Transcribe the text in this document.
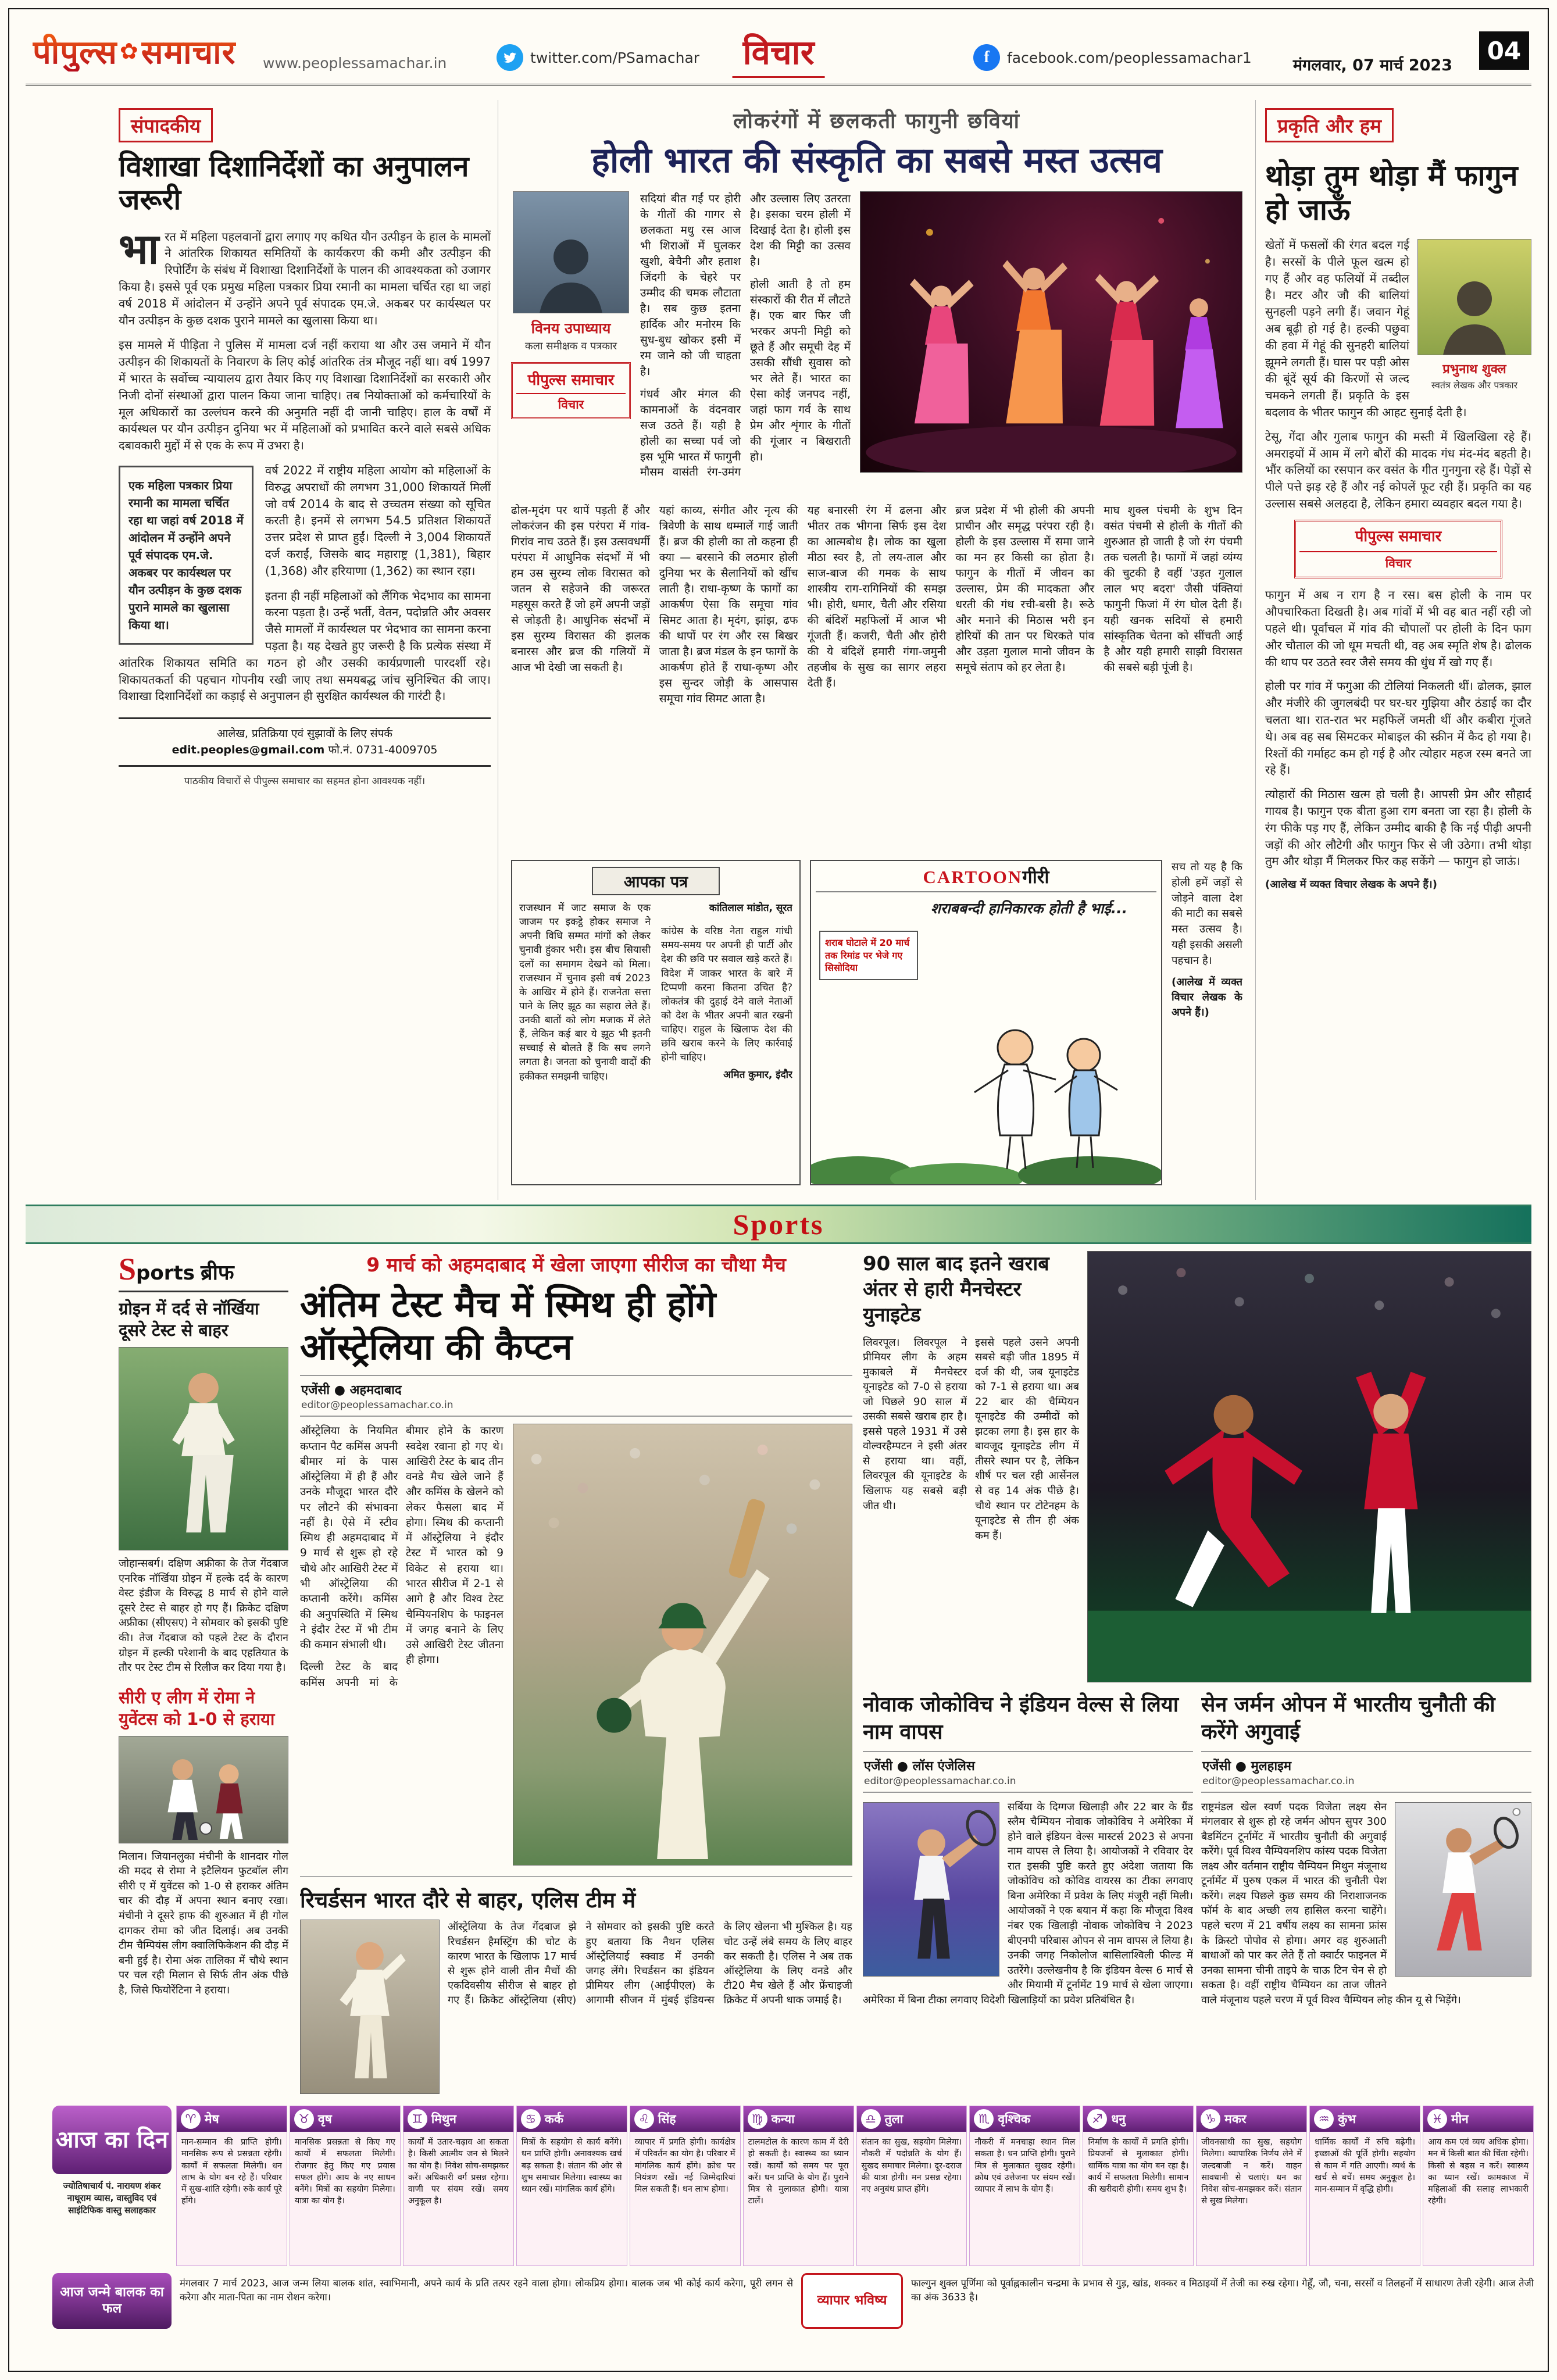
पीपुल्स ✿समाचार www.peoplessamachar.in	twitter.com/PSamachar	विचार	f	facebook.com/peoplessamachar1	मंगलवार, 07 मार्च 2023
04
संपादकीय
विशाखा दिशानिर्देशों का अनुपालन जरूरी

भारत में महिला पहलवानों द्वारा लगाए गए कथित यौन उत्पीड़न के हाल के मामलों ने आंतरिक शिकायत समितियों के कार्यकरण की कमी और उत्पीड़न की रिपोर्टिंग के संबंध में विशाखा दिशानिर्देशों के पालन की आवश्यकता को उजागर किया है। इससे पूर्व एक प्रमुख महिला पत्रकार प्रिया रमानी का मामला चर्चित रहा था जहां वर्ष 2018 में आंदोलन में उन्होंने अपने पूर्व संपादक एम.जे. अकबर पर कार्यस्थल पर यौन उत्पीड़न के कुछ दशक पुराने मामले का खुलासा किया था।

इस मामले में पीड़िता ने पुलिस में मामला दर्ज नहीं कराया था और उस जमाने में यौन उत्पीड़न की शिकायतों के निवारण के लिए कोई आंतरिक तंत्र मौजूद नहीं था। वर्ष 1997 में भारत के सर्वोच्च न्यायालय द्वारा तैयार किए गए विशाखा दिशानिर्देशों का सरकारी और निजी दोनों संस्थाओं द्वारा पालन किया जाना चाहिए। तब नियोक्ताओं को कर्मचारियों के मूल अधिकारों का उल्लंघन करने की अनुमति नहीं दी जानी चाहिए। हाल के वर्षों में कार्यस्थल पर यौन उत्पीड़न दुनिया भर में महिलाओं को प्रभावित करने वाले सबसे अधिक दबावकारी मुद्दों में से एक के रूप में उभरा है।

एक महिला पत्रकार प्रिया रमानी का मामला चर्चित रहा था जहां वर्ष 2018 में आंदोलन में उन्होंने अपने पूर्व संपादक एम.जे. अकबर पर कार्यस्थल पर यौन उत्पीड़न के कुछ दशक पुराने मामले का खुलासा किया था।

वर्ष 2022 में राष्ट्रीय महिला आयोग को महिलाओं के विरुद्ध अपराधों की लगभग 31,000 शिकायतें मिलीं जो वर्ष 2014 के बाद से उच्चतम संख्या को सूचित करती है। इनमें से लगभग 54.5 प्रतिशत शिकायतें उत्तर प्रदेश से प्राप्त हुईं। दिल्ली ने 3,004 शिकायतें दर्ज कराईं, जिसके बाद महाराष्ट्र (1,381), बिहार (1,368) और हरियाणा (1,362) का स्थान रहा।

इतना ही नहीं महिलाओं को लैंगिक भेदभाव का सामना करना पड़ता है। उन्हें भर्ती, वेतन, पदोन्नति और अवसर जैसे मामलों में कार्यस्थल पर भेदभाव का सामना करना पड़ता है। यह देखते हुए जरूरी है कि प्रत्येक संस्था में आंतरिक शिकायत समिति का गठन हो और उसकी कार्यप्रणाली पारदर्शी रहे। शिकायतकर्ता की पहचान गोपनीय रखी जाए तथा समयबद्ध जांच सुनिश्चित की जाए। विशाखा दिशानिर्देशों का कड़ाई से अनुपालन ही सुरक्षित कार्यस्थल की गारंटी है।

आलेख, प्रतिक्रिया एवं सुझावों के लिए संपर्क
edit.peoples@gmail.com फो.नं. 0731-4009705
पाठकीय विचारों से पीपुल्स समाचार का सहमत होना आवश्यक नहीं।
लोकरंगों में छलकती फागुनी छवियां
होली भारत की संस्कृति का सबसे मस्त उत्सव
विनय उपाध्याय
कला समीक्षक व पत्रकार
पीपुल्स समाचार
विचार

सदियां बीत गईं पर होरी के गीतों की गागर से छलकता मधु रस आज भी शिराओं में घुलकर खुशी, बेचैनी और हताश जिंदगी के चेहरे पर उम्मीद की चमक लौटाता है। सब कुछ इतना हार्दिक और मनोरम कि सुध-बुध खोकर इसी में रम जाने को जी चाहता है।

गंधर्व और मंगल की कामनाओं के वंदनवार सज उठते हैं। यही है होली का सच्चा पर्व जो इस भूमि भारत में फागुनी मौसम वासंती रंग-उमंग और उल्लास लिए उतरता है। इसका चरम होली में दिखाई देता है। होली इस देश की मिट्टी का उत्सव है।

होली आती है तो हम संस्कारों की रीत में लौटते हैं। एक बार फिर जी भरकर अपनी मिट्टी को छूते हैं और समूची देह में उसकी सौंधी सुवास को भर लेते हैं। भारत का ऐसा कोई जनपद नहीं, जहां फाग गर्व के साथ प्रेम और शृंगार के गीतों की गूंजार न बिखराती हो।

ढोल-मृदंग पर थापें पड़ती हैं और लोकरंजन की इस परंपरा में गांव-गिरांव नाच उठते हैं। इस उत्सवधर्मी परंपरा में आधुनिक संदर्भों में भी हम उस सुरम्य लोक विरासत को जतन से सहेजने की जरूरत महसूस करते हैं जो हमें अपनी जड़ों से जोड़ती है। आधुनिक संदर्भों में इस सुरम्य विरासत की झलक बनारस और ब्रज की गलियों में आज भी देखी जा सकती है।

यहां काव्य, संगीत और नृत्य की त्रिवेणी के साथ धम्मालें गाई जाती हैं। ब्रज की होली का तो कहना ही क्या — बरसाने की लठमार होली दुनिया भर के सैलानियों को खींच लाती है। राधा-कृष्ण के फागों का आकर्षण ऐसा कि समूचा गांव सिमट आता है। मृदंग, झांझ, ढफ की थापों पर रंग और रस बिखर जाता है। ब्रज मंडल के इन फागों के आकर्षण होते हैं राधा-कृष्ण और इस सुन्दर जोड़ी के आसपास समूचा गांव सिमट आता है।

यह बनारसी रंग में ढलना और भीतर तक भीगना सिर्फ इस देश का आत्मबोध है। लोक का खुला मीठा स्वर है, तो लय-ताल और साज-बाज की गमक के साथ शास्त्रीय राग-रागिनियों की समझ भी। होरी, धमार, चैती और रसिया की बंदिशें महफिलों में आज भी गूंजती हैं। कजरी, चैती और होरी की ये बंदिशें हमारी गंगा-जमुनी तहजीब के सुख का सागर लहरा देती हैं।

ब्रज प्रदेश में भी होली की अपनी प्राचीन और समृद्ध परंपरा रही है। होली के इस उल्लास में समा जाने का मन हर किसी का होता है। फागुन के गीतों में जीवन का उल्लास, प्रेम की मादकता और धरती की गंध रची-बसी है। रूठे और मनाने की मिठास भरी इन होरियों की तान पर थिरकते पांव और उड़ता गुलाल मानो जीवन के समूचे संताप को हर लेता है।

माघ शुक्ल पंचमी के शुभ दिन वसंत पंचमी से होली के गीतों की शुरुआत हो जाती है जो रंग पंचमी तक चलती है। फागों में जहां व्यंग्य की चुटकी है वहीं 'उड़त गुलाल लाल भए बदरा' जैसी पंक्तियां फागुनी फिजां में रंग घोल देती हैं। यही खनक सदियों से हमारी सांस्कृतिक चेतना को सींचती आई है और यही हमारी साझी विरासत की सबसे बड़ी पूंजी है।

आपका पत्र
राजस्थान में जाट समाज के एक जाजम पर इकट्ठे होकर समाज ने अपनी विधि सम्मत मांगों को लेकर चुनावी हुंकार भरी। इस बीच सियासी दलों का समागम देखने को मिला। राजस्थान में चुनाव इसी वर्ष 2023 के आखिर में होने हैं। राजनेता सत्ता पाने के लिए झूठ का सहारा लेते हैं। उनकी बातों को लोग मजाक में लेते हैं, लेकिन कई बार ये झूठ भी इतनी सच्चाई से बोलते हैं कि सच लगने लगता है। जनता को चुनावी वादों की हकीकत समझनी चाहिए।
कांतिलाल मांडोत, सूरत
कांग्रेस के वरिष्ठ नेता राहुल गांधी समय-समय पर अपनी ही पार्टी और देश की छवि पर सवाल खड़े करते हैं। विदेश में जाकर भारत के बारे में टिप्पणी करना कितना उचित है? लोकतंत्र की दुहाई देने वाले नेताओं को देश के भीतर अपनी बात रखनी चाहिए। राहुल के खिलाफ देश की छवि खराब करने के लिए कार्रवाई होनी चाहिए।
अमित कुमार, इंदौर
CARTOONगीरी
शराबबन्दी हानिकारक होती है भाई...
शराब घोटाले में 20 मार्च तक रिमांड पर भेजे गए सिसोदिया

सच तो यह है कि होली हमें जड़ों से जोड़ने वाला देश की माटी का सबसे मस्त उत्सव है। यही इसकी असली पहचान है।

(आलेख में व्यक्त विचार लेखक के अपने हैं।)

प्रकृति और हम
थोड़ा तुम थोड़ा मैं फागुन हो जाऊँ
प्रभुनाथ शुक्ल
स्वतंत्र लेखक और पत्रकार

खेतों में फसलों की रंगत बदल गई है। सरसों के पीले फूल खत्म हो गए हैं और वह फलियों में तब्दील है। मटर और जौ की बालियां सुनहली पड़ने लगी हैं। जवान गेहूं अब बूढ़ी हो गई है। हल्की पछुवा की हवा में गेहूं की सुनहरी बालियां झूमने लगती हैं। घास पर पड़ी ओस की बूंदें सूर्य की किरणों से जल्द चमकने लगती हैं। प्रकृति के इस बदलाव के भीतर फागुन की आहट सुनाई देती है।

टेसू, गेंदा और गुलाब फागुन की मस्ती में खिलखिला रहे हैं। अमराइयों में आम में लगे बौरों की मादक गंध मंद-मंद बहती है। भौंर कलियों का रसपान कर वसंत के गीत गुनगुना रहे हैं। पेड़ों से पीले पत्ते झड़ रहे हैं और नई कोपलें फूट रही हैं। प्रकृति का यह उल्लास सबसे अलहदा है, लेकिन हमारा व्यवहार बदल गया है।

पीपुल्स समाचार
विचार

फागुन में अब न राग है न रस। बस होली के नाम पर औपचारिकता दिखती है। अब गांवों में भी वह बात नहीं रही जो पहले थी। पूर्वांचल में गांव की चौपालों पर होली के दिन फाग और चौताल की जो धूम मचती थी, वह अब स्मृति शेष है। ढोलक की थाप पर उठते स्वर जैसे समय की धुंध में खो गए हैं।

होली पर गांव में फगुआ की टोलियां निकलती थीं। ढोलक, झाल और मंजीरे की जुगलबंदी पर घर-घर गुझिया और ठंडाई का दौर चलता था। रात-रात भर महफिलें जमती थीं और कबीरा गूंजते थे। अब वह सब सिमटकर मोबाइल की स्क्रीन में कैद हो गया है। रिश्तों की गर्माहट कम हो गई है और त्योहार महज रस्म बनते जा रहे हैं।

त्योहारों की मिठास खत्म हो चली है। आपसी प्रेम और सौहार्द गायब है। फागुन एक बीता हुआ राग बनता जा रहा है। होली के रंग फीके पड़ गए हैं, लेकिन उम्मीद बाकी है कि नई पीढ़ी अपनी जड़ों की ओर लौटेगी और फागुन फिर से जी उठेगा। तभी थोड़ा तुम और थोड़ा मैं मिलकर फिर कह सकेंगे — फागुन हो जाऊं।

(आलेख में व्यक्त विचार लेखक के अपने हैं।)

Sports
Sports ब्रीफ
ग्रोइन में दर्द से नॉर्खिया दूसरे टेस्ट से बाहर
जोहान्सबर्ग। दक्षिण अफ्रीका के तेज गेंदबाज एनरिक नॉर्खिया ग्रोइन में हल्के दर्द के कारण वेस्ट इंडीज के विरुद्ध 8 मार्च से होने वाले दूसरे टेस्ट से बाहर हो गए हैं। क्रिकेट दक्षिण अफ्रीका (सीएसए) ने सोमवार को इसकी पुष्टि की। तेज गेंदबाज को पहले टेस्ट के दौरान ग्रोइन में हल्की परेशानी के बाद एहतियात के तौर पर टेस्ट टीम से रिलीज कर दिया गया है।
सीरी ए लीग में रोमा ने युवेंटस को 1-0 से हराया
मिलान। जियानलुका मंचीनी के शानदार गोल की मदद से रोमा ने इटैलियन फुटबॉल लीग सीरी ए में युवेंटस को 1-0 से हराकर अंतिम चार की दौड़ में अपना स्थान बनाए रखा। मंचीनी ने दूसरे हाफ की शुरुआत में ही गोल दागकर रोमा को जीत दिलाई। अब उनकी टीम चैम्पियंस लीग क्वालिफिकेशन की दौड़ में बनी हुई है। रोमा अंक तालिका में चौथे स्थान पर चल रही मिलान से सिर्फ तीन अंक पीछे है, जिसे फियोरेंटिना ने हराया।
9 मार्च को अहमदाबाद में खेला जाएगा सीरीज का चौथा मैच
अंतिम टेस्ट मैच में स्मिथ ही होंगे ऑस्ट्रेलिया की कैप्टन
एजेंसी ● अहमदाबाद
editor@peoplessamachar.co.in

ऑस्ट्रेलिया के नियमित कप्तान पैट कमिंस अपनी बीमार मां के पास ऑस्ट्रेलिया में ही हैं और उनके मौजूदा भारत दौरे पर लौटने की संभावना नहीं है। ऐसे में स्टीव स्मिथ ही अहमदाबाद में 9 मार्च से शुरू हो रहे चौथे और आखिरी टेस्ट में भी ऑस्ट्रेलिया की कप्तानी करेंगे। कमिंस की अनुपस्थिति में स्मिथ ने इंदौर टेस्ट में भी टीम की कमान संभाली थी।

दिल्ली टेस्ट के बाद कमिंस अपनी मां के बीमार होने के कारण स्वदेश रवाना हो गए थे। आखिरी टेस्ट के बाद तीन वनडे मैच खेले जाने हैं और कमिंस के खेलने को लेकर फैसला बाद में होगा। स्मिथ की कप्तानी में ऑस्ट्रेलिया ने इंदौर टेस्ट में भारत को 9 विकेट से हराया था। भारत सीरीज में 2-1 से आगे है और विश्व टेस्ट चैम्पियनशिप के फाइनल में जगह बनाने के लिए उसे आखिरी टेस्ट जीतना ही होगा।

रिचर्डसन भारत दौरे से बाहर, एलिस टीम में
ऑस्ट्रेलिया के तेज गेंदबाज झे रिचर्डसन हैमस्ट्रिंग की चोट के कारण भारत के खिलाफ 17 मार्च से शुरू होने वाली तीन मैचों की एकदिवसीय सीरीज से बाहर हो गए हैं। क्रिकेट ऑस्ट्रेलिया (सीए) ने सोमवार को इसकी पुष्टि करते हुए बताया कि नैथन एलिस ऑस्ट्रेलियाई स्क्वाड में उनकी जगह लेंगे। रिचर्डसन का इंडियन प्रीमियर लीग (आईपीएल) के आगामी सीजन में मुंबई इंडियन्स के लिए खेलना भी मुश्किल है। यह चोट उन्हें लंबे समय के लिए बाहर कर सकती है। एलिस ने अब तक ऑस्ट्रेलिया के लिए वनडे और टी20 मैच खेले हैं और फ्रेंचाइजी क्रिकेट में अपनी धाक जमाई है।
90 साल बाद इतने खराब अंतर से हारी मैनचेस्टर युनाइटेड

लिवरपूल। लिवरपूल ने प्रीमियर लीग के अहम मुकाबले में मैनचेस्टर यूनाइटेड को 7-0 से हराया जो पिछले 90 साल में उसकी सबसे खराब हार है। इससे पहले 1931 में उसे वोल्वरहैम्पटन ने इसी अंतर से हराया था। वहीं, लिवरपूल की यूनाइटेड के खिलाफ यह सबसे बड़ी जीत थी।

इससे पहले उसने अपनी सबसे बड़ी जीत 1895 में दर्ज की थी, जब यूनाइटेड को 7-1 से हराया था। अब 22 बार की चैम्पियन यूनाइटेड की उम्मीदों को झटका लगा है। इस हार के बावजूद यूनाइटेड लीग में तीसरे स्थान पर है, लेकिन शीर्ष पर चल रही आर्सेनल से वह 14 अंक पीछे है। चौथे स्थान पर टोटेनहम के यूनाइटेड से तीन ही अंक कम हैं।

नोवाक जोकोविच ने इंडियन वेल्स से लिया नाम वापस
एजेंसी ● लॉस एंजेलिस
editor@peoplessamachar.co.in
सर्बिया के दिग्गज खिलाड़ी और 22 बार के ग्रैंड स्लैम चैम्पियन नोवाक जोकोविच ने अमेरिका में होने वाले इंडियन वेल्स मास्टर्स 2023 से अपना नाम वापस ले लिया है। आयोजकों ने रविवार देर रात इसकी पुष्टि करते हुए अंदेशा जताया कि जोकोविच को कोविड वायरस का टीका लगवाए बिना अमेरिका में प्रवेश के लिए मंजूरी नहीं मिली। आयोजकों ने एक बयान में कहा कि मौजूदा विश्व नंबर एक खिलाड़ी नोवाक जोकोविच ने 2023 बीएनपी परिबास ओपन से नाम वापस ले लिया है। उनकी जगह निकोलोज बासिलाश्विली फील्ड में उतरेंगे। उल्लेखनीय है कि इंडियन वेल्स 6 मार्च से और मियामी में टूर्नामेंट 19 मार्च से खेला जाएगा। अमेरिका में बिना टीका लगवाए विदेशी खिलाड़ियों का प्रवेश प्रतिबंधित है।
सेन जर्मन ओपन में भारतीय चुनौती की करेंगे अगुवाई
एजेंसी ● मुलहाइम
editor@peoplessamachar.co.in
राष्ट्रमंडल खेल स्वर्ण पदक विजेता लक्ष्य सेन मंगलवार से शुरू हो रहे जर्मन ओपन सुपर 300 बैडमिंटन टूर्नामेंट में भारतीय चुनौती की अगुवाई करेंगे। पूर्व विश्व चैम्पियनशिप कांस्य पदक विजेता लक्ष्य और वर्तमान राष्ट्रीय चैम्पियन मिथुन मंजूनाथ टूर्नामेंट में पुरुष एकल में भारत की चुनौती पेश करेंगे। लक्ष्य पिछले कुछ समय की निराशाजनक फॉर्म के बाद अच्छी लय हासिल करना चाहेंगे। पहले चरण में 21 वर्षीय लक्ष्य का सामना फ्रांस के क्रिस्टो पोपोव से होगा। अगर वह शुरुआती बाधाओं को पार कर लेते हैं तो क्वार्टर फाइनल में उनका सामना चीनी ताइपे के चाऊ टिन चेन से हो सकता है। वहीं राष्ट्रीय चैम्पियन का ताज जीतने वाले मंजूनाथ पहले चरण में पूर्व विश्व चैम्पियन लोह कीन यू से भिड़ेंगे।
आज का दिन
ज्योतिषाचार्य पं. नारायण शंकर नाथूराम व्यास, वास्तुविद एवं साइंटिफिक वास्तु सलाहकार
♈ मेष
मान-सम्मान की प्राप्ति होगी। मानसिक रूप से प्रसन्नता रहेगी। कार्यों में सफलता मिलेगी। धन लाभ के योग बन रहे हैं। परिवार में सुख-शांति रहेगी। रुके कार्य पूरे होंगे।
♉ वृष
मानसिक प्रसन्नता से किए गए कार्यों में सफलता मिलेगी। रोजगार हेतु किए गए प्रयास सफल होंगे। आय के नए साधन बनेंगे। मित्रों का सहयोग मिलेगा। यात्रा का योग है।
♊ मिथुन
कार्यों में उतार-चढ़ाव आ सकता है। किसी आत्मीय जन से मिलने का योग है। निवेश सोच-समझकर करें। अधिकारी वर्ग प्रसन्न रहेगा। वाणी पर संयम रखें। समय अनुकूल है।
♋ कर्क
मित्रों के सहयोग से कार्य बनेंगे। धन प्राप्ति होगी। अनावश्यक खर्च बढ़ सकता है। संतान की ओर से शुभ समाचार मिलेगा। स्वास्थ्य का ध्यान रखें। मांगलिक कार्य होंगे।
♌ सिंह
व्यापार में प्रगति होगी। कार्यक्षेत्र में परिवर्तन का योग है। परिवार में मांगलिक कार्य होंगे। क्रोध पर नियंत्रण रखें। नई जिम्मेदारियां मिल सकती हैं। धन लाभ होगा।
♍ कन्या
टालमटोल के कारण काम में देरी हो सकती है। स्वास्थ्य का ध्यान रखें। कार्यों को समय पर पूरा करें। धन प्राप्ति के योग हैं। पुराने मित्र से मुलाकात होगी। यात्रा टालें।
♎ तुला
संतान का सुख, सहयोग मिलेगा। नौकरी में पदोन्नति के योग हैं। सुखद समाचार मिलेगा। दूर-दराज की यात्रा होगी। मन प्रसन्न रहेगा। नए अनुबंध प्राप्त होंगे।
♏ वृश्चिक
नौकरी में मनचाहा स्थान मिल सकता है। धन प्राप्ति होगी। पुराने मित्र से मुलाकात सुखद रहेगी। क्रोध एवं उत्तेजना पर संयम रखें। व्यापार में लाभ के योग हैं।
♐ धनु
निर्माण के कार्यों में प्रगति होगी। प्रियजनों से मुलाकात होगी। धार्मिक यात्रा का योग बन रहा है। कार्य में सफलता मिलेगी। सामान की खरीदारी होगी। समय शुभ है।
♑ मकर
जीवनसाथी का सुख, सहयोग मिलेगा। व्यापारिक निर्णय लेने में जल्दबाजी न करें। वाहन सावधानी से चलाएं। धन का निवेश सोच-समझकर करें। संतान से सुख मिलेगा।
♒ कुंभ
धार्मिक कार्यों में रुचि बढ़ेगी। इच्छाओं की पूर्ति होगी। सहयोग से काम में गति आएगी। व्यर्थ के खर्च से बचें। समय अनुकूल है। मान-सम्मान में वृद्धि होगी।
♓ मीन
आय कम एवं व्यय अधिक होगा। मन में किसी बात की चिंता रहेगी। किसी से बहस न करें। स्वास्थ्य का ध्यान रखें। कामकाज में महिलाओं की सलाह लाभकारी रहेगी।
आज जन्मे बालक का फल
मंगलवार 7 मार्च 2023, आज जन्म लिया बालक शांत, स्वाभिमानी, अपने कार्य के प्रति तत्पर रहने वाला होगा। लोकप्रिय होगा। बालक जब भी कोई कार्य करेगा, पूरी लगन से करेगा और माता-पिता का नाम रोशन करेगा।	व्यापार भविष्य
फाल्गुन शुक्ल पूर्णिमा को पूर्वाह्नकालीन चन्द्रमा के प्रभाव से गुड़, खांड, शक्कर व मिठाइयों में तेजी का रुख रहेगा। गेहूँ, जौ, चना, सरसों व तिलहनों में साधारण तेजी रहेगी। आज तेजी का अंक 3633 है।
